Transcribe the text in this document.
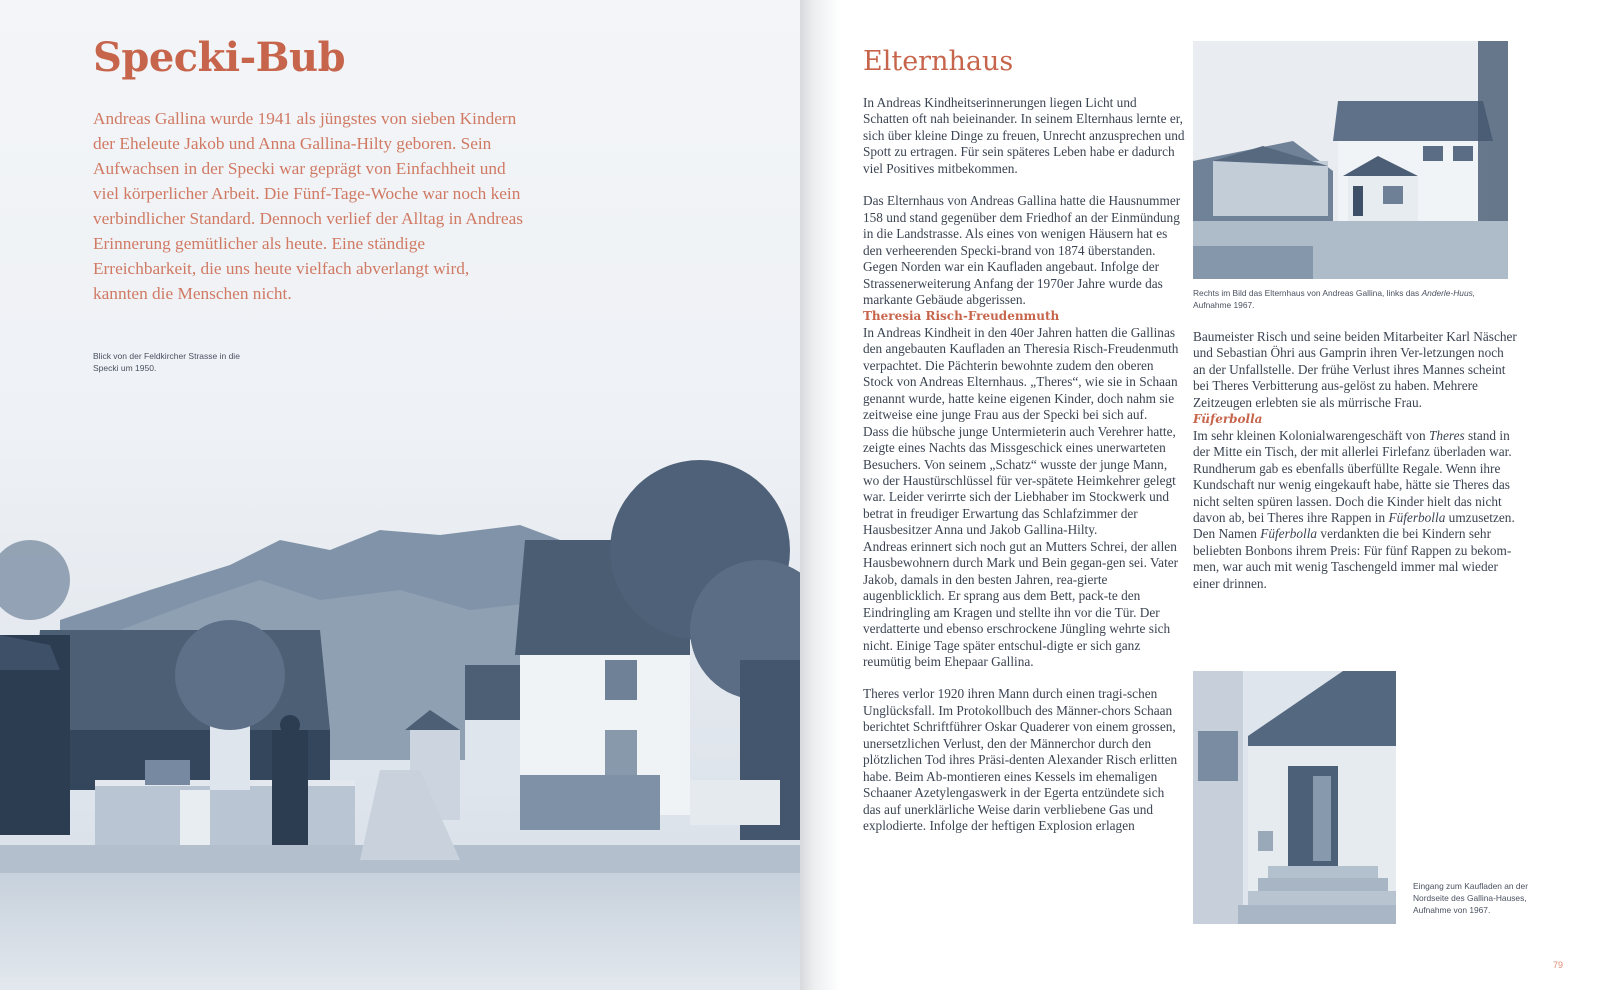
Specki-Bub

Andreas Gallina wurde 1941 als jüngstes von sieben Kindern der Eheleute Jakob und Anna Gallina-Hilty geboren. Sein Aufwachsen in der Specki war geprägt von Einfachheit und viel körperlicher Arbeit. Die Fünf-Tage-Woche war noch kein verbindlicher Standard. Dennoch verlief der Alltag in Andreas Erinnerung gemütlicher als heute. Eine ständige Erreichbarkeit, die uns heute vielfach abverlangt wird, kannten die Menschen nicht.

Blick von der Feldkircher Strasse in die Specki um 1950.

Elternhaus

In Andreas Kindheitserinnerungen liegen Licht und Schatten oft nah beieinander. In seinem Elternhaus lernte er, sich über kleine Dinge zu freuen, Unrecht anzusprechen und Spott zu ertragen. Für sein späteres Leben habe er dadurch viel Positives mitbekommen.

Das Elternhaus von Andreas Gallina hatte die Hausnummer 158 und stand gegenüber dem Friedhof an der Einmündung in die Landstrasse. Als eines von wenigen Häusern hat es den verheerenden Specki-brand von 1874 überstanden. Gegen Norden war ein Kaufladen angebaut. Infolge der Strassenerweiterung Anfang der 1970er Jahre wurde das markante Gebäude abgerissen.

Theresia Risch-Freudenmuth

In Andreas Kindheit in den 40er Jahren hatten die Gallinas den angebauten Kaufladen an Theresia Risch-Freudenmuth verpachtet. Die Pächterin bewohnte zudem den oberen Stock von Andreas Elternhaus. „Theres“, wie sie in Schaan genannt wurde, hatte keine eigenen Kinder, doch nahm sie zeitweise eine junge Frau aus der Specki bei sich auf.

Dass die hübsche junge Untermieterin auch Verehrer hatte, zeigte eines Nachts das Missgeschick eines unerwarteten Besuchers. Von seinem „Schatz“ wusste der junge Mann, wo der Haustürschlüssel für ver-spätete Heimkehrer gelegt war. Leider verirrte sich der Liebhaber im Stockwerk und betrat in freudiger Erwartung das Schlafzimmer der Hausbesitzer Anna und Jakob Gallina-Hilty.

Andreas erinnert sich noch gut an Mutters Schrei, der allen Hausbewohnern durch Mark und Bein gegan-gen sei. Vater Jakob, damals in den besten Jahren, rea-gierte augenblicklich. Er sprang aus dem Bett, pack-te den Eindringling am Kragen und stellte ihn vor die Tür. Der verdatterte und ebenso erschrockene Jüngling wehrte sich nicht. Einige Tage später entschul-digte er sich ganz reumütig beim Ehepaar Gallina.

Theres verlor 1920 ihren Mann durch einen tragi-schen Unglücksfall. Im Protokollbuch des Männer-chors Schaan berichtet Schriftführer Oskar Quaderer von einem grossen, unersetzlichen Verlust, den der Männerchor durch den plötzlichen Tod ihres Präsi-denten Alexander Risch erlitten habe. Beim Ab-montieren eines Kessels im ehemaligen Schaaner Azetylengaswerk in der Egerta entzündete sich das auf unerklärliche Weise darin verbliebene Gas und explodierte. Infolge der heftigen Explosion erlagen

Rechts im Bild das Elternhaus von Andreas Gallina, links das Anderle-Huus,
Aufnahme 1967.

Baumeister Risch und seine beiden Mitarbeiter Karl Näscher und Sebastian Öhri aus Gamprin ihren Ver-letzungen noch an der Unfallstelle. Der frühe Verlust ihres Mannes scheint bei Theres Verbitterung aus-gelöst zu haben. Mehrere Zeitzeugen erlebten sie als mürrische Frau.

Füferbolla

Im sehr kleinen Kolonialwarengeschäft von Theres stand in der Mitte ein Tisch, der mit allerlei Firlefanz überladen war. Rundherum gab es ebenfalls überfüllte Regale. Wenn ihre Kundschaft nur wenig eingekauft habe, hätte sie Theres das nicht selten spüren lassen. Doch die Kinder hielt das nicht davon ab, bei Theres ihre Rappen in Füferbolla umzusetzen. Den Namen Füferbolla verdankten die bei Kindern sehr beliebten Bonbons ihrem Preis: Für fünf Rappen zu bekom-men, war auch mit wenig Taschengeld immer mal wieder einer drinnen.

Eingang zum Kaufladen an der Nordseite des Gallina-Hauses, Aufnahme von 1967.

79
